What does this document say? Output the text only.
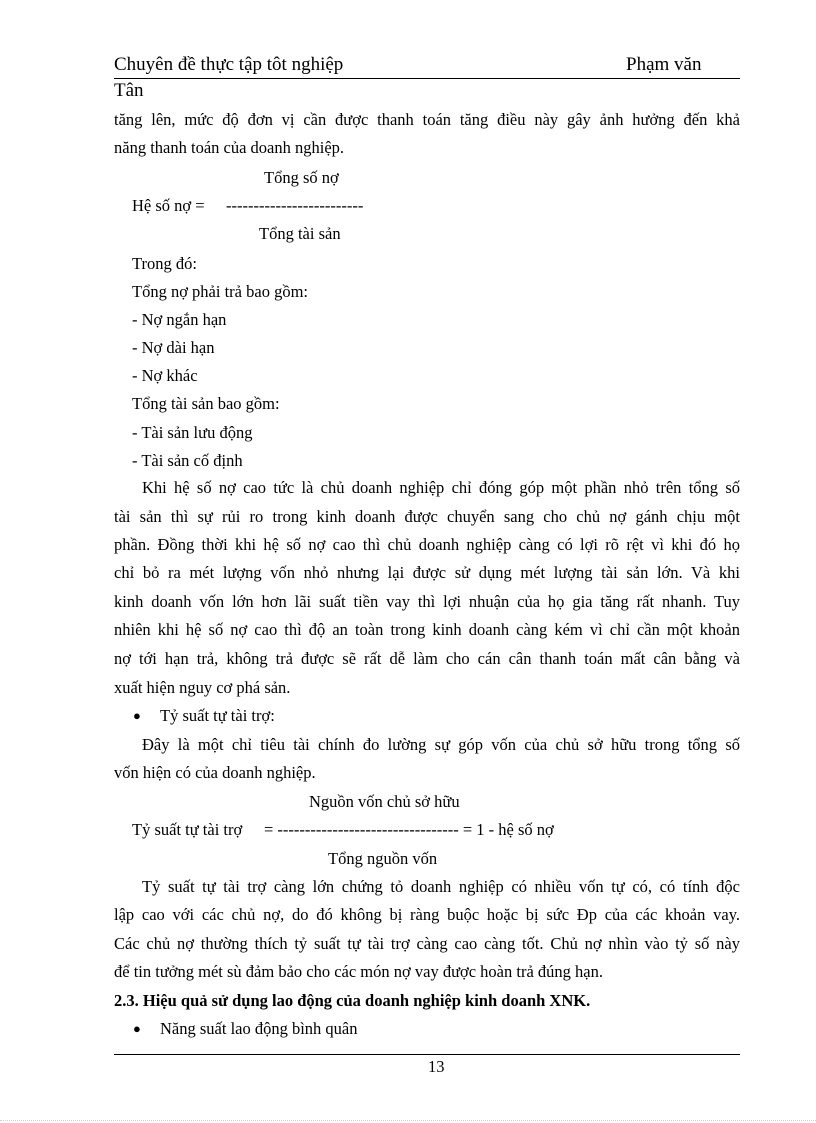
Chuyên đề thực tập tôt nghiệp	Phạm văn
Tân
tăng lên, mức độ đơn vị cần được thanh toán tăng điều này gây ảnh hưởng đến khả
năng thanh toán của doanh nghiệp.
Tổng số nợ
Hệ số nợ = -------------------------
Tổng tài sản
Trong đó:
Tổng nợ phải trả bao gồm:
- Nợ ngắn hạn
- Nợ dài hạn
- Nợ khác
Tổng tài sản bao gồm:
- Tài sản lưu động
- Tài sản cố định
Khi hệ số nợ cao tức là chủ doanh nghiệp chỉ đóng góp một phần nhỏ trên tổng số
tài sản thì sự rủi ro trong kinh doanh được chuyển sang cho chủ nợ gánh chịu một
phần. Đồng thời khi hệ số nợ cao thì chủ doanh nghiệp càng có lợi rõ rệt vì khi đó họ
chỉ bỏ ra mét lượng vốn nhỏ nhưng lại được sử dụng mét lượng tài sản lớn. Và khi
kinh doanh vốn lớn hơn lãi suất tiền vay thì lợi nhuận của họ gia tăng rất nhanh. Tuy
nhiên khi hệ số nợ cao thì độ an toàn trong kinh doanh càng kém vì chỉ cần một khoản
nợ tới hạn trả, không trả được sẽ rất dễ làm cho cán cân thanh toán mất cân bằng và
xuất hiện nguy cơ phá sản.
● Tỷ suất tự tài trợ:
Đây là một chỉ tiêu tài chính đo lường sự góp vốn của chủ sở hữu trong tổng số
vốn hiện có của doanh nghiệp.
Nguồn vốn chủ sở hữu
Tỷ suất tự tài trợ = --------------------------------- = 1 - hệ số nợ
Tổng nguồn vốn
Tỷ suất tự tài trợ càng lớn chứng tỏ doanh nghiệp có nhiều vốn tự có, có tính độc
lập cao với các chủ nợ, do đó không bị ràng buộc hoặc bị sức Ðp của các khoản vay.
Các chủ nợ thường thích tỷ suất tự tài trợ càng cao càng tốt. Chủ nợ nhìn vào tỷ số này
để tin tưởng mét sù đảm bảo cho các món nợ vay được hoàn trả đúng hạn.
2.3. Hiệu quả sử dụng lao động của doanh nghiệp kinh doanh XNK.
● Năng suất lao động bình quân
13
